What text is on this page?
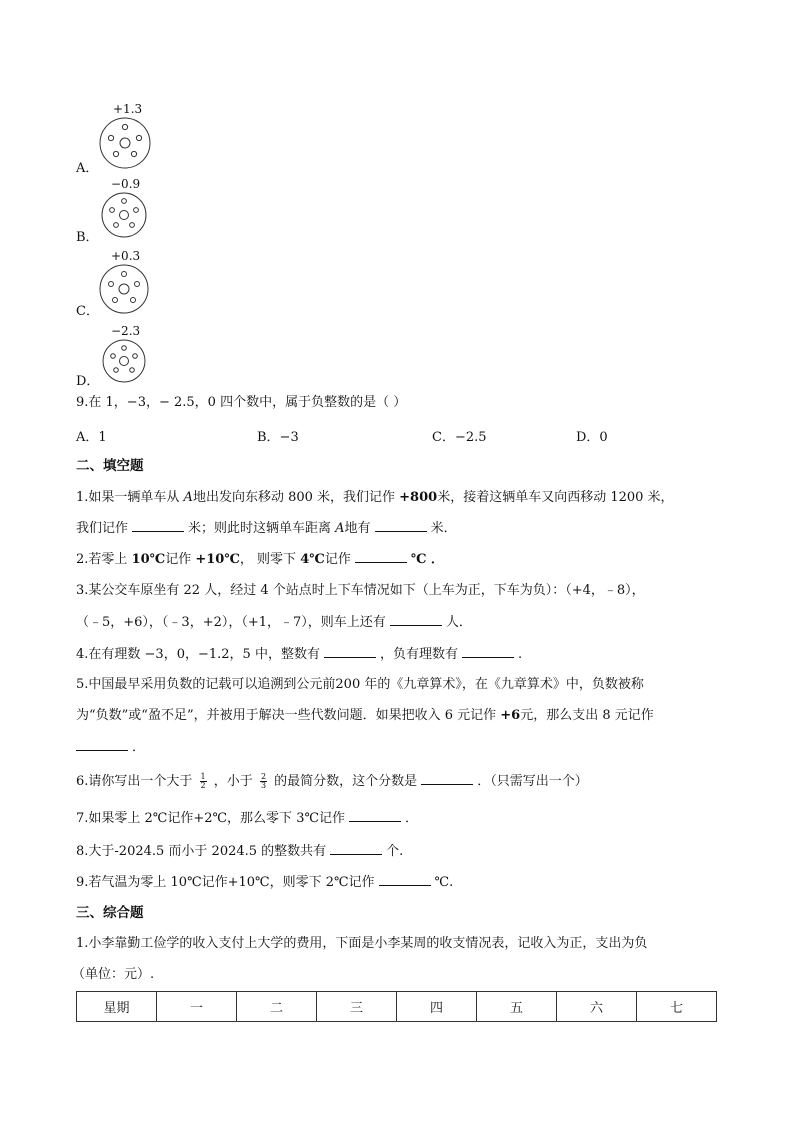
+1.3
A．
−0.9
B．
+0.3
C．
−2.3
D．
9.在 1，−3，− 2.5，0 四个数中，属于负整数的是（ ）
A．1	B．−3	C．−2.5	D．0
二、填空题
1.如果一辆单车从 A地出发向东移动 800 米，我们记作 +800米，接着这辆单车又向西移动 1200 米，
我们记作	米；则此时这辆单车距离 A地有	米．
2.若零上 10℃记作 +10℃， 则零下 4℃记作	℃ ．
3.某公交车原坐有 22 人，经过 4 个站点时上下车情况如下（上车为正，下车为负）：（+4，﹣8），
（﹣5，+6），（﹣3，+2），（+1，﹣7），则车上还有	人．
4.在有理数 −3，0，−1.2，5 中，整数有	，负有理数有	.
5.中国最早采用负数的记载可以追溯到公元前200 年的《九章算术》，在《九章算术》中，负数被称
为“负数”或“盈不足”，并被用于解决一些代数问题．如果把收入 6 元记作 +6元，那么支出 8 元记作
．
6.请你写出一个大于 $\frac{1}{2}$ ，小于 $\frac{2}{3}$ 的最简分数，这个分数是	．（只需写出一个）
7.如果零上 2℃记作+2℃，那么零下 3℃记作	．
8.大于-2024.5 而小于 2024.5 的整数共有	个.
9.若气温为零上 10℃记作+10℃，则零下 2℃记作	℃.
三、综合题
1.小李靠勤工俭学的收入支付上大学的费用，下面是小李某周的收支情况表，记收入为正，支出为负
（单位：元）.
星期	一	二	三	四	五	六	七
